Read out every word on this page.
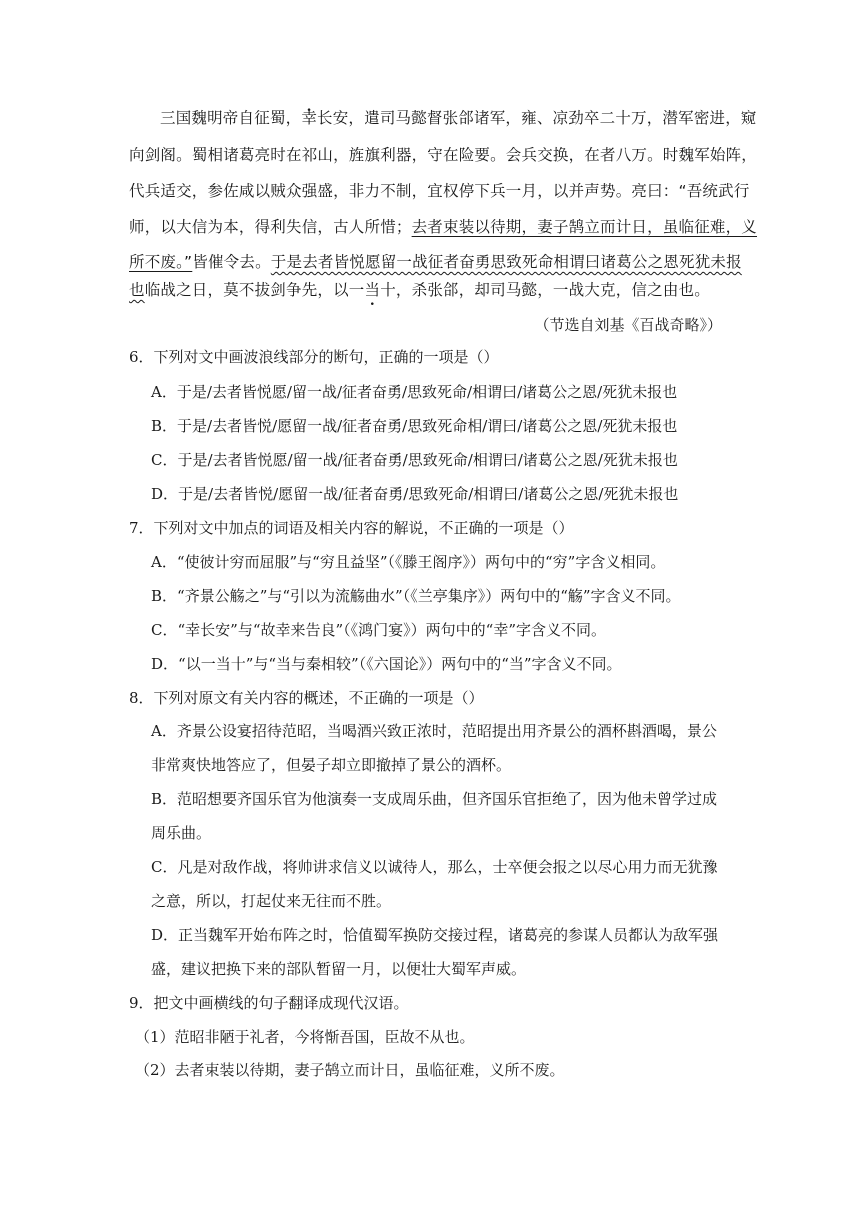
三国魏明帝自征蜀，幸长安，遣司马懿督张郃诸军，雍、凉劲卒二十万，潜军密进，窥
向剑阁。蜀相诸葛亮时在祁山，旌旗利器，守在险要。会兵交换，在者八万。时魏军始阵，
代兵适交，参佐咸以贼众强盛，非力不制，宜权停下兵一月，以并声势。亮曰：“吾统武行
师，以大信为本，得利失信，古人所惜；去者束装以待期，妻子鹄立而计日，虽临征难，义
所不废。”皆催令去。于是去者皆悦愿留一战征者奋勇思致死命相谓曰诸葛公之恩死犹未报
也临战之日，莫不拔剑争先，以一当十，杀张郃，却司马懿，一战大克，信之由也。
（节选自刘基《百战奇略》）
6．下列对文中画波浪线部分的断句，正确的一项是（）
A．于是/去者皆悦愿/留一战/征者奋勇/思致死命/相谓曰/诸葛公之恩/死犹未报也
B．于是/去者皆悦/愿留一战/征者奋勇/思致死命相/谓曰/诸葛公之恩/死犹未报也
C．于是/去者皆悦愿/留一战/征者奋勇/思致死命/相谓曰/诸葛公之恩/死犹未报也
D．于是/去者皆悦/愿留一战/征者奋勇/思致死命/相谓曰/诸葛公之恩/死犹未报也
7．下列对文中加点的词语及相关内容的解说，不正确的一项是（）
A．“使彼计穷而屈服”与“穷且益坚”（《滕王阁序》）两句中的“穷”字含义相同。
B．“齐景公觞之”与“引以为流觞曲水”（《兰亭集序》）两句中的“觞”字含义不同。
C．“幸长安”与“故幸来告良”（《鸿门宴》）两句中的“幸”字含义不同。
D．“以一当十”与“当与秦相较”（《六国论》）两句中的“当”字含义不同。
8．下列对原文有关内容的概述，不正确的一项是（）
A．齐景公设宴招待范昭，当喝酒兴致正浓时，范昭提出用齐景公的酒杯斟酒喝，景公
非常爽快地答应了，但晏子却立即撤掉了景公的酒杯。
B．范昭想要齐国乐官为他演奏一支成周乐曲，但齐国乐官拒绝了，因为他未曾学过成
周乐曲。
C．凡是对敌作战，将帅讲求信义以诚待人，那么，士卒便会报之以尽心用力而无犹豫
之意，所以，打起仗来无往而不胜。
D．正当魏军开始布阵之时，恰值蜀军换防交接过程，诸葛亮的参谋人员都认为敌军强
盛，建议把换下来的部队暂留一月，以便壮大蜀军声威。
9．把文中画横线的句子翻译成现代汉语。
（1）范昭非陋于礼者，今将惭吾国，臣故不从也。
（2）去者束装以待期，妻子鹄立而计日，虽临征难，义所不废。
